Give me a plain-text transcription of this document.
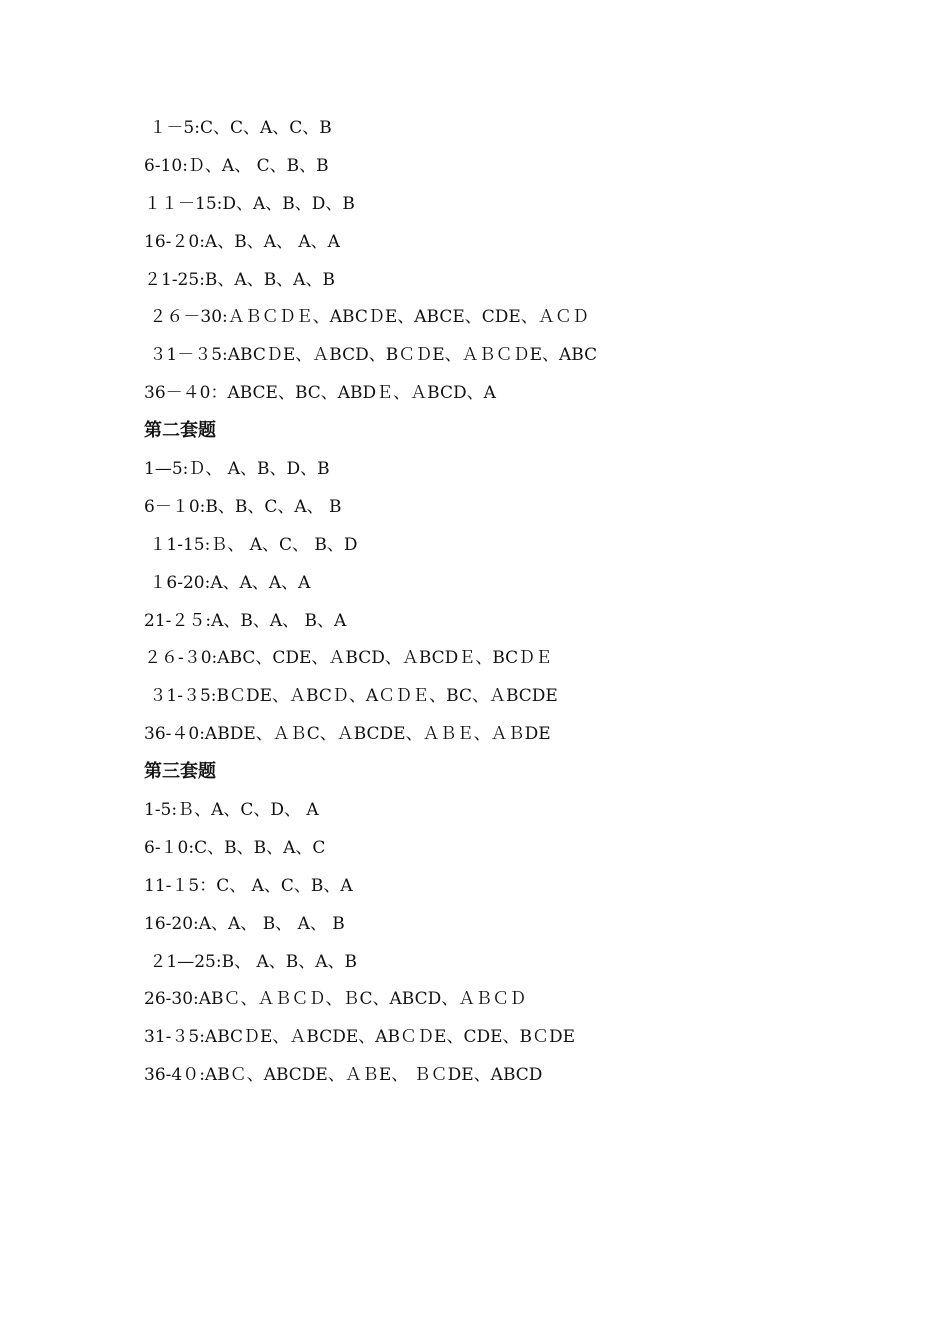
１－5:C、C、A、C、B
6-10:Ｄ、A、 C、B、B
１１－15:D、A、B、D、B
16-２0:A、B、A、 A、A
２1-25:B、A、B、A、B
２６－30:ＡＢＣＤＥ、ABCＤE、ABCE、CDE、ＡＣＤ
３1－３5:ABCＤE、ＡBCD、BＣＤE、ＡＢＣＤE、ABC
36－４0：ABCE、BC、ABDＥ、ＡBCD、A
第二套题
1—5:Ｄ、 A、B、D、B
6－１0:B、B、C、A、 B
１1-15:Ｂ、 A、C、 B、D
１6-20:A、A、A、A
21-２５:A、B、A、 B、A
２６-３0:ABC、CDE、ＡBCD、ＡBCDＥ、BCＤＥ
３1-３5:BＣDE、ＡBCＤ、AＣＤＥ、BC、ＡBCDE
36-４0:ABDE、ＡＢC、ＡBCDE、ＡＢＥ、ＡＢDE
第三套题
1-5:Ｂ、A、C、D、 A
6-１0:C、B、B、A、C
11-１5：C、 A、C、B、A
16-20:A、A、 B、 A、 B
２1—25:B、 A、B、A、B
26-30:ABＣ、ＡＢＣＤ、ＢC、ABCD、ＡＢＣＤ
31-３5:ABCＤE、ＡBCDE、ABＣＤE、CDE、BＣDE
36-4０:ABＣ、ABCDE、ＡＢE、 ＢＣDE、ABCD
